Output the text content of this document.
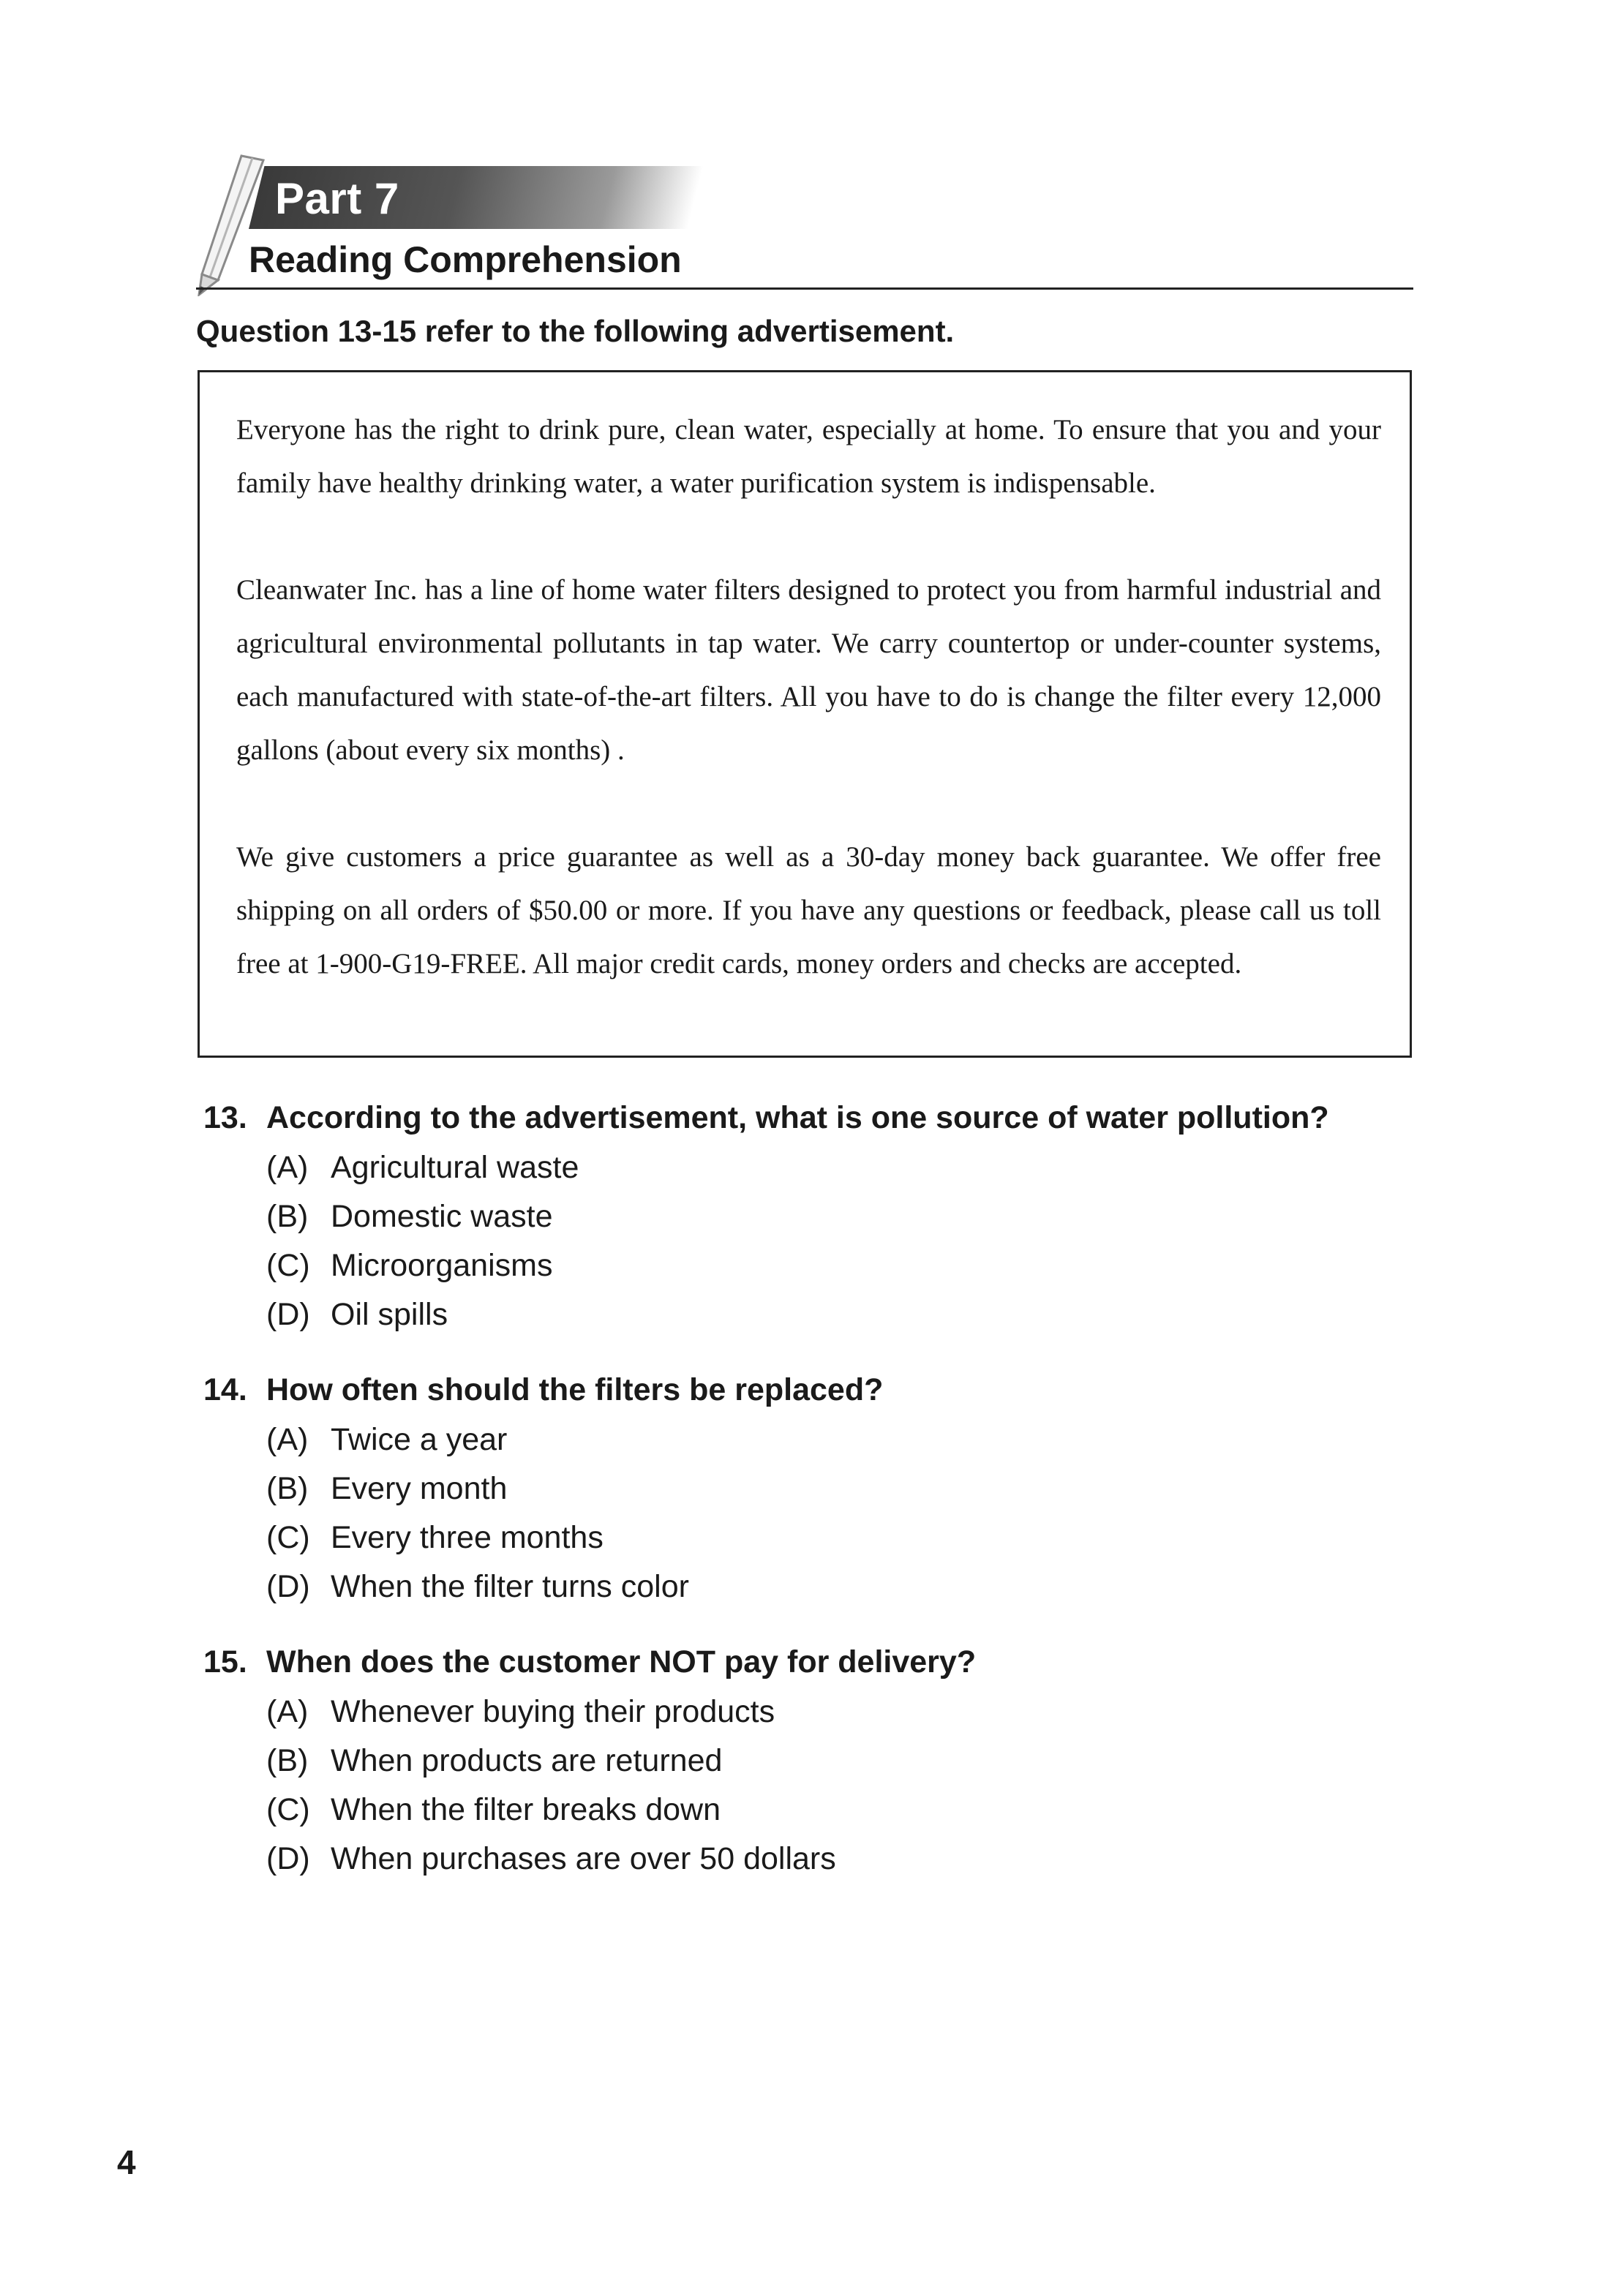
Part 7
Reading Comprehension
Question 13-15 refer to the following advertisement.

Everyone has the right to drink pure, clean water, especially at home. To ensure that you and your family have healthy drinking water, a water purification system is indispensable.

Cleanwater Inc. has a line of home water filters designed to protect you from harmful industrial and agricultural environmental pollutants in tap water. We carry countertop or under-counter systems, each manufactured with state-of-the-art filters. All you have to do is change the filter every 12,000 gallons (about every six months) .

We give customers a price guarantee as well as a 30-day money back guarantee. We offer free shipping on all orders of $50.00 or more. If you have any questions or feedback, please call us toll free at 1-900-G19-FREE. All major credit cards, money orders and checks are accepted.

13. According to the advertisement, what is one source of water pollution?
(A) Agricultural waste
(B) Domestic waste
(C) Microorganisms
(D) Oil spills
14. How often should the filters be replaced?
(A) Twice a year
(B) Every month
(C) Every three months
(D) When the filter turns color
15. When does the customer NOT pay for delivery?
(A) Whenever buying their products
(B) When products are returned
(C) When the filter breaks down
(D) When purchases are over 50 dollars
4
